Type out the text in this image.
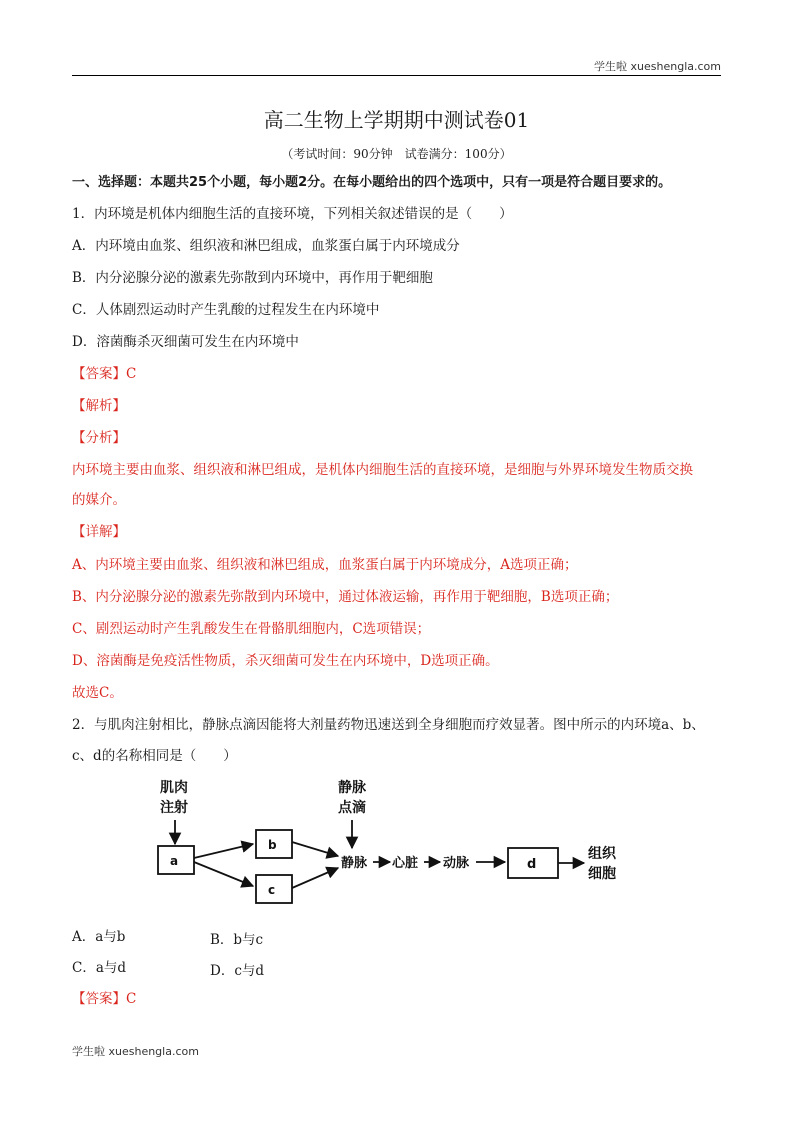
学生啦 xueshengla.com
高二生物上学期期中测试卷01
（考试时间：90分钟　试卷满分：100分）
一、选择题：本题共25个小题，每小题2分。在每小题给出的四个选项中，只有一项是符合题目要求的。
1．内环境是机体内细胞生活的直接环境，下列相关叙述错误的是（　　）
A．内环境由血浆、组织液和淋巴组成，血浆蛋白属于内环境成分
B．内分泌腺分泌的激素先弥散到内环境中，再作用于靶细胞
C．人体剧烈运动时产生乳酸的过程发生在内环境中
D．溶菌酶杀灭细菌可发生在内环境中
【答案】C
【解析】
【分析】
内环境主要由血浆、组织液和淋巴组成，是机体内细胞生活的直接环境，是细胞与外界环境发生物质交换
的媒介。
【详解】
A、内环境主要由血浆、组织液和淋巴组成，血浆蛋白属于内环境成分，A选项正确；
B、内分泌腺分泌的激素先弥散到内环境中，通过体液运输，再作用于靶细胞，B选项正确；
C、剧烈运动时产生乳酸发生在骨骼肌细胞内，C选项错误；
D、溶菌酶是免疫活性物质，杀灭细菌可发生在内环境中，D选项正确。
故选C。
2．与肌肉注射相比，静脉点滴因能将大剂量药物迅速送到全身细胞而疗效显著。图中所示的内环境a、b、
c、d的名称相同是（　　）
肌肉
注射
静脉
点滴
a
b
c
d
静脉 心脏 动脉
组织
细胞
A．a与b	B．b与c
C．a与d	D．c与d
【答案】C
学生啦 xueshengla.com
